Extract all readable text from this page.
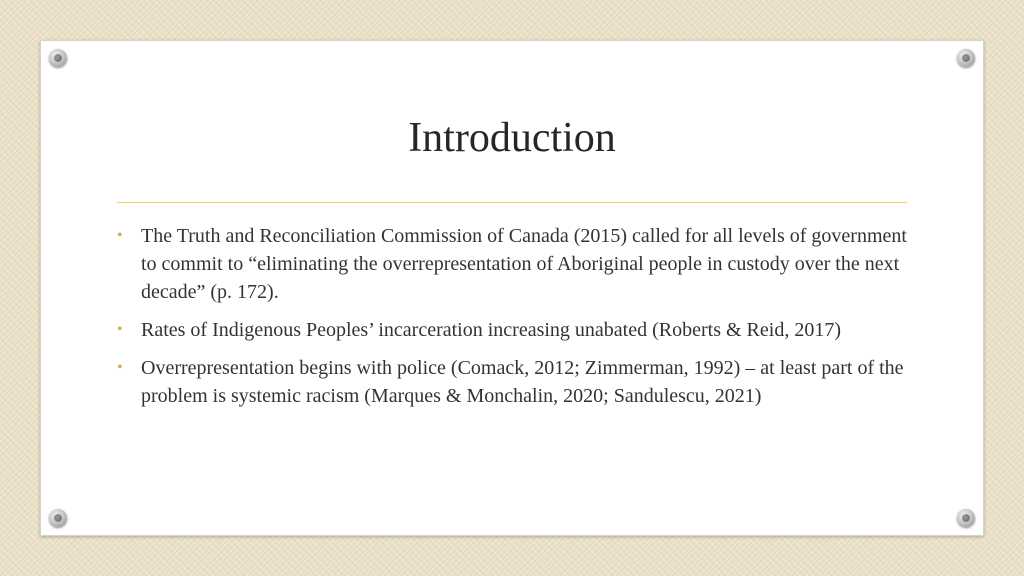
Introduction
• The Truth and Reconciliation Commission of Canada (2015) called for all levels of government to commit to “eliminating the overrepresentation of Aboriginal people in custody over the next decade” (p. 172).
• Rates of Indigenous Peoples’ incarceration increasing unabated (Roberts & Reid, 2017)
• Overrepresentation begins with police (Comack, 2012; Zimmerman, 1992) – at least part of the problem is systemic racism (Marques & Monchalin, 2020; Sandulescu, 2021)
